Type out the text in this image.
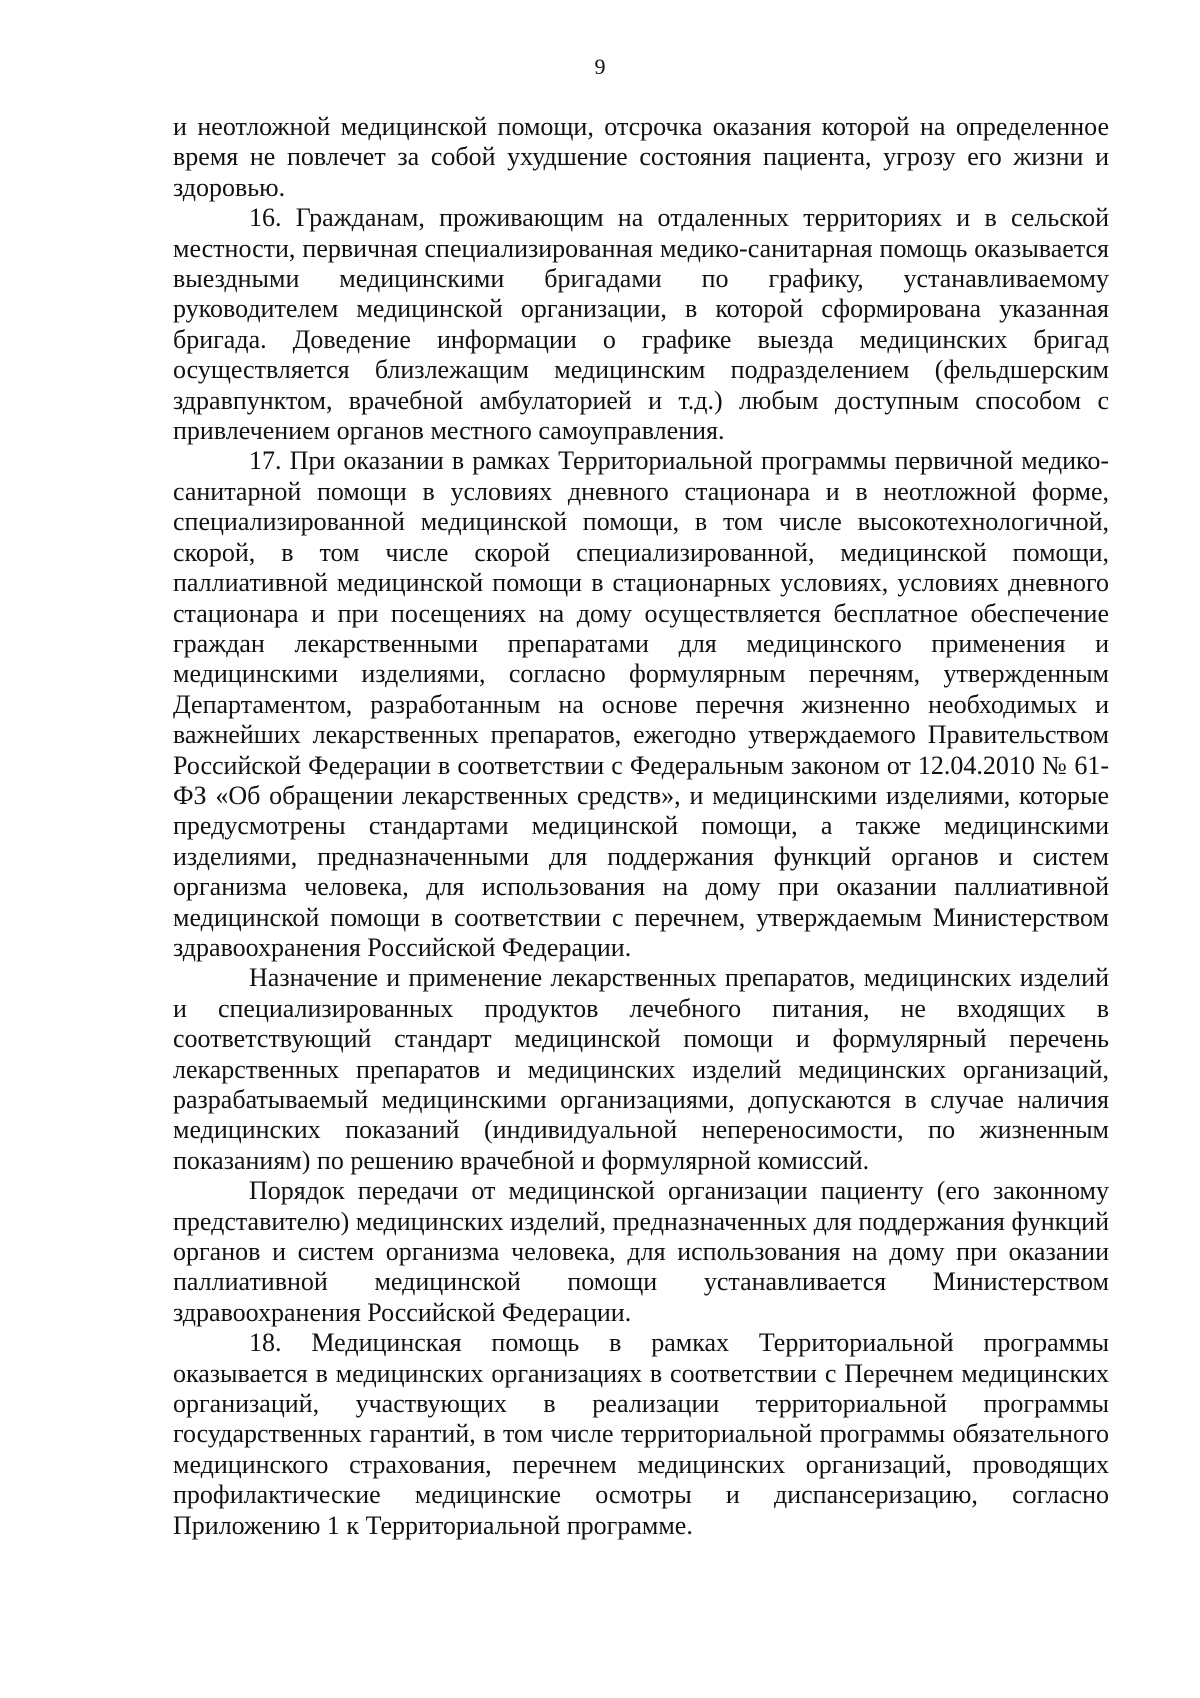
9

и неотложной медицинской помощи, отсрочка оказания которой на определенное время не повлечет за собой ухудшение состояния пациента, угрозу его жизни и здоровью.

16. Гражданам, проживающим на отдаленных территориях и в сельской местности, первичная специализированная медико-санитарная помощь оказывается выездными медицинскими бригадами по графику, устанавливаемому руководителем медицинской организации, в которой сформирована указанная бригада. Доведение информации о графике выезда медицинских бригад осуществляется близлежащим медицинским подразделением (фельдшерским здравпунктом, врачебной амбулаторией и т.д.) любым доступным способом с привлечением органов местного самоуправления.

17. При оказании в рамках Территориальной программы первичной медико-санитарной помощи в условиях дневного стационара и в неотложной форме, специализированной медицинской помощи, в том числе высокотехнологичной, скорой, в том числе скорой специализированной, медицинской помощи, паллиативной медицинской помощи в стационарных условиях, условиях дневного стационара и при посещениях на дому осуществляется бесплатное обеспечение граждан лекарственными препаратами для медицинского применения и медицинскими изделиями, согласно формулярным перечням, утвержденным Департаментом, разработанным на основе перечня жизненно необходимых и важнейших лекарственных препаратов, ежегодно утверждаемого Правительством Российской Федерации в соответствии с Федеральным законом от 12.04.2010 № 61-ФЗ «Об обращении лекарственных средств», и медицинскими изделиями, которые предусмотрены стандартами медицинской помощи, а также медицинскими изделиями, предназначенными для поддержания функций органов и систем организма человека, для использования на дому при оказании паллиативной медицинской помощи в соответствии с перечнем, утверждаемым Министерством здравоохранения Российской Федерации.

Назначение и применение лекарственных препаратов, медицинских изделий и специализированных продуктов лечебного питания, не входящих в соответствующий стандарт медицинской помощи и формулярный перечень лекарственных препаратов и медицинских изделий медицинских организаций, разрабатываемый медицинскими организациями, допускаются в случае наличия медицинских показаний (индивидуальной непереносимости, по жизненным показаниям) по решению врачебной и формулярной комиссий.

Порядок передачи от медицинской организации пациенту (его законному представителю) медицинских изделий, предназначенных для поддержания функций органов и систем организма человека, для использования на дому при оказании паллиативной медицинской помощи устанавливается Министерством здравоохранения Российской Федерации.

18. Медицинская помощь в рамках Территориальной программы оказывается в медицинских организациях в соответствии с Перечнем медицинских организаций, участвующих в реализации территориальной программы государственных гарантий, в том числе территориальной программы обязательного медицинского страхования, перечнем медицинских организаций, проводящих профилактические медицинские осмотры и диспансеризацию, согласно Приложению 1 к Территориальной программе.
